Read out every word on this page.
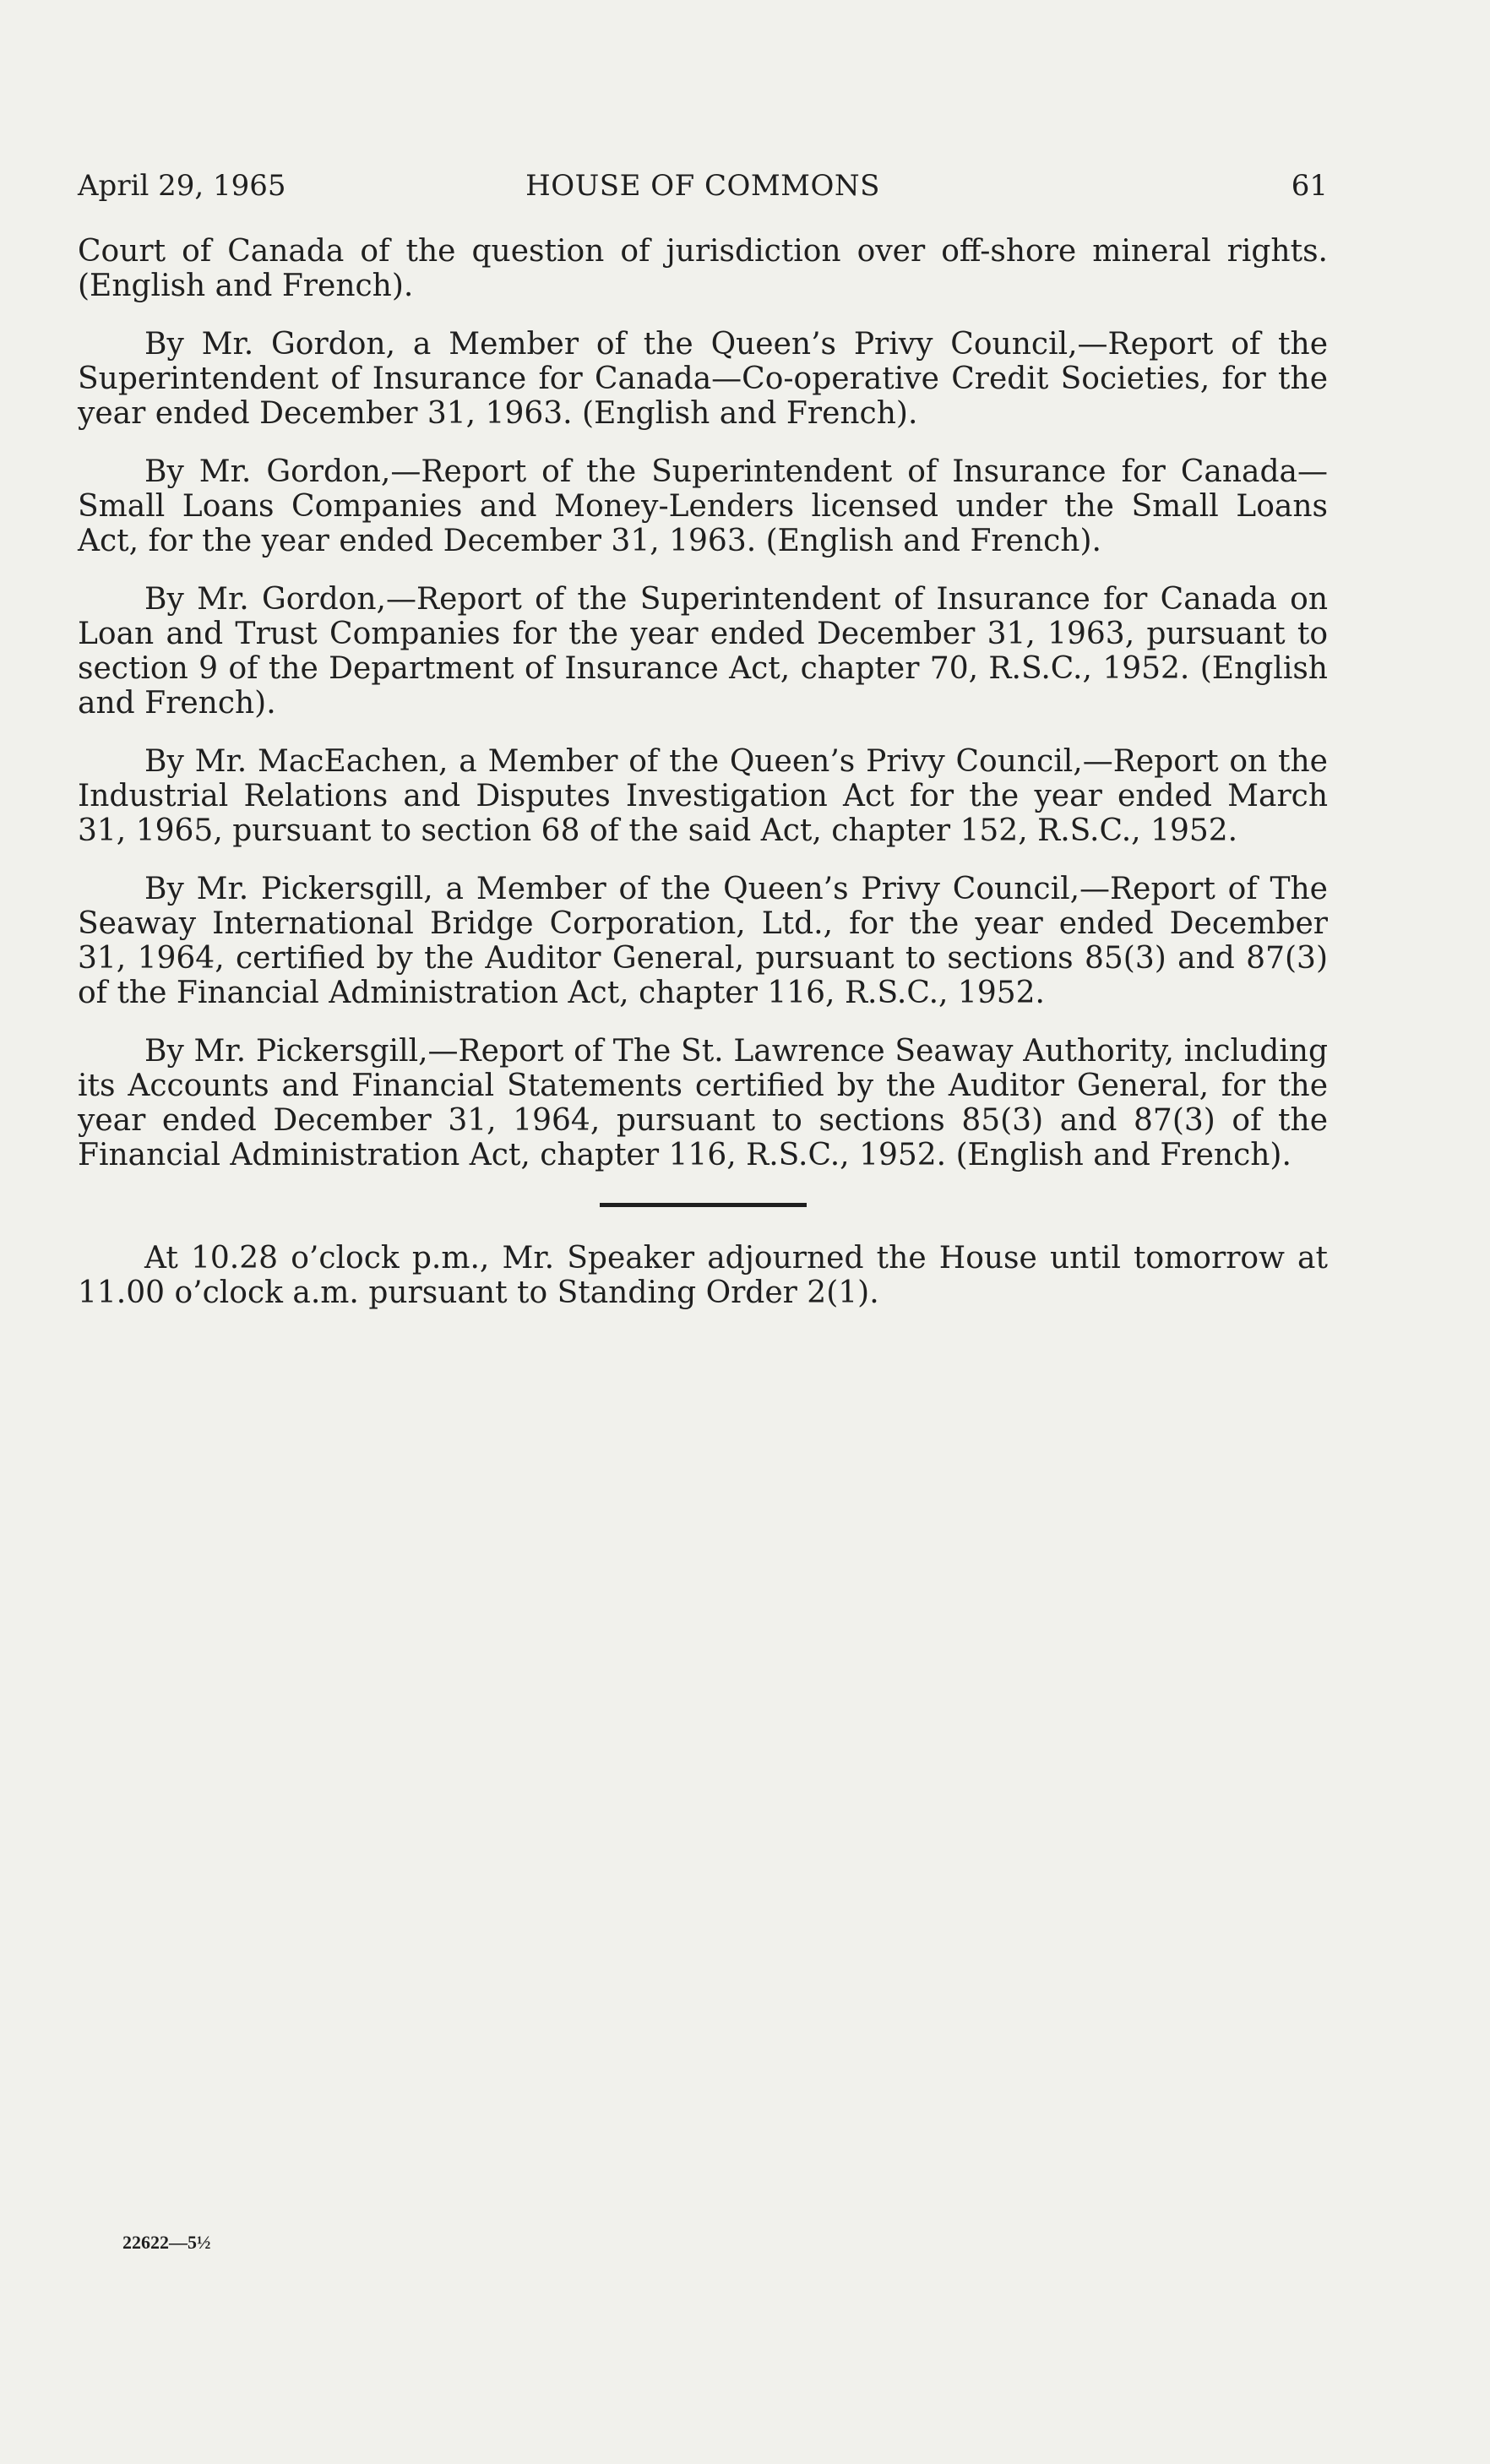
April 29, 1965	HOUSE OF COMMONS	61

Court of Canada of the question of jurisdiction over off-shore mineral rights. (English and French).

By Mr. Gordon, a Member of the Queen’s Privy Council,—Report of the Superintendent of Insurance for Canada—Co-operative Credit Societies, for the year ended December 31, 1963. (English and French).

By Mr. Gordon,—Report of the Superintendent of Insurance for Canada—Small Loans Companies and Money-Lenders licensed under the Small Loans Act, for the year ended December 31, 1963. (English and French).

By Mr. Gordon,—Report of the Superintendent of Insurance for Canada on Loan and Trust Companies for the year ended December 31, 1963, pursuant to section 9 of the Department of Insurance Act, chapter 70, R.S.C., 1952. (English and French).

By Mr. MacEachen, a Member of the Queen’s Privy Council,—Report on the Industrial Relations and Disputes Investigation Act for the year ended March 31, 1965, pursuant to section 68 of the said Act, chapter 152, R.S.C., 1952.

By Mr. Pickersgill, a Member of the Queen’s Privy Council,—Report of The Seaway International Bridge Corporation, Ltd., for the year ended December 31, 1964, certified by the Auditor General, pursuant to sections 85(3) and 87(3) of the Financial Administration Act, chapter 116, R.S.C., 1952.

By Mr. Pickersgill,—Report of The St. Lawrence Seaway Authority, including its Accounts and Financial Statements certified by the Auditor General, for the year ended December 31, 1964, pursuant to sections 85(3) and 87(3) of the Financial Administration Act, chapter 116, R.S.C., 1952. (English and French).

At 10.28 o’clock p.m., Mr. Speaker adjourned the House until tomorrow at 11.00 o’clock a.m. pursuant to Standing Order 2(1).

22622—5½
